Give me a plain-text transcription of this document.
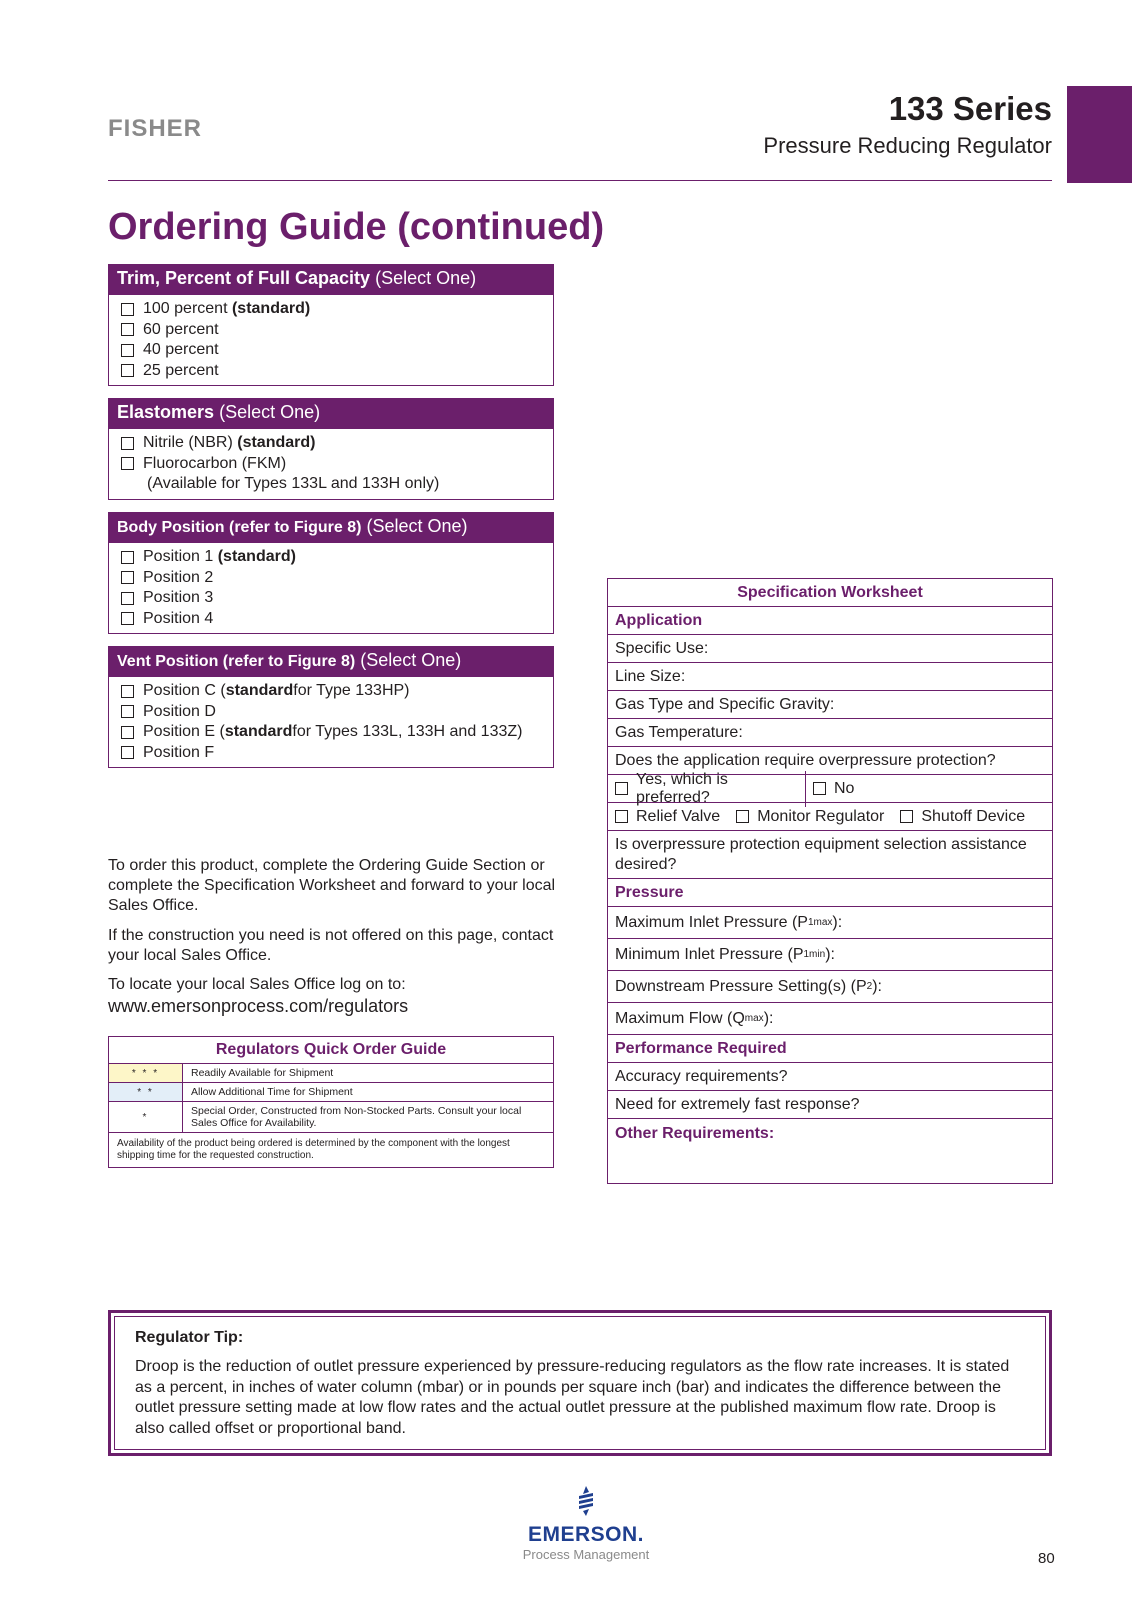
FISHER
133 Series
Pressure Reducing Regulator
Ordering Guide (continued)
Trim, Percent of Full Capacity (Select One)
100 percent
(standard)
60 percent
40 percent
25 percent
Elastomers (Select One)
Nitrile (NBR)
(standard)
Fluorocarbon (FKM)
(Available for Types 133L and 133H only)
Body Position (refer to Figure 8) (Select One)
Position 1
(standard)
Position 2
Position 3
Position 4
Vent Position (refer to Figure 8) (Select One)
Position C ( standard for Type 133HP)
Position D
Position E ( standard for Types 133L, 133H and 133Z)
Position F
To order this product, complete the Ordering Guide Section or complete the Specification Worksheet and forward to your local Sales Office.
If the construction you need is not offered on this page, contact your local Sales Office.
To locate your local Sales Office log on to:
www.emersonprocess.com/regulators
Regulators Quick Order Guide
* * *	Readily Available for Shipment
* *	Allow Additional Time for Shipment
*	Special Order, Constructed from Non-Stocked Parts. Consult your local Sales Office for Availability.
Availability of the product being ordered is determined by the component with the longest shipping time for the requested construction.
Specification Worksheet
Application
Specific Use:
Line Size:
Gas Type and Specific Gravity:
Gas Temperature:
Does the application require overpressure protection?
Yes, which is preferred?
No
Relief Valve Monitor Regulator Shutoff Device
Is overpressure protection equipment selection assistance desired?
Pressure
Maximum Inlet Pressure (P 1max ):
Minimum Inlet Pressure (P 1min ):
Downstream Pressure Setting(s) (P 2 ):
Maximum Flow (Q max ):
Performance Required
Accuracy requirements?
Need for extremely fast response?
Other Requirements:
Regulator Tip:
Droop is the reduction of outlet pressure experienced by pressure-reducing regulators as the flow rate increases. It is stated as a percent, in inches of water column (mbar) or in pounds per square inch (bar) and indicates the difference between the outlet pressure setting made at low flow rates and the actual outlet pressure at the published maximum flow rate. Droop is also called offset or proportional band.
EMERSON.
Process Management	80
